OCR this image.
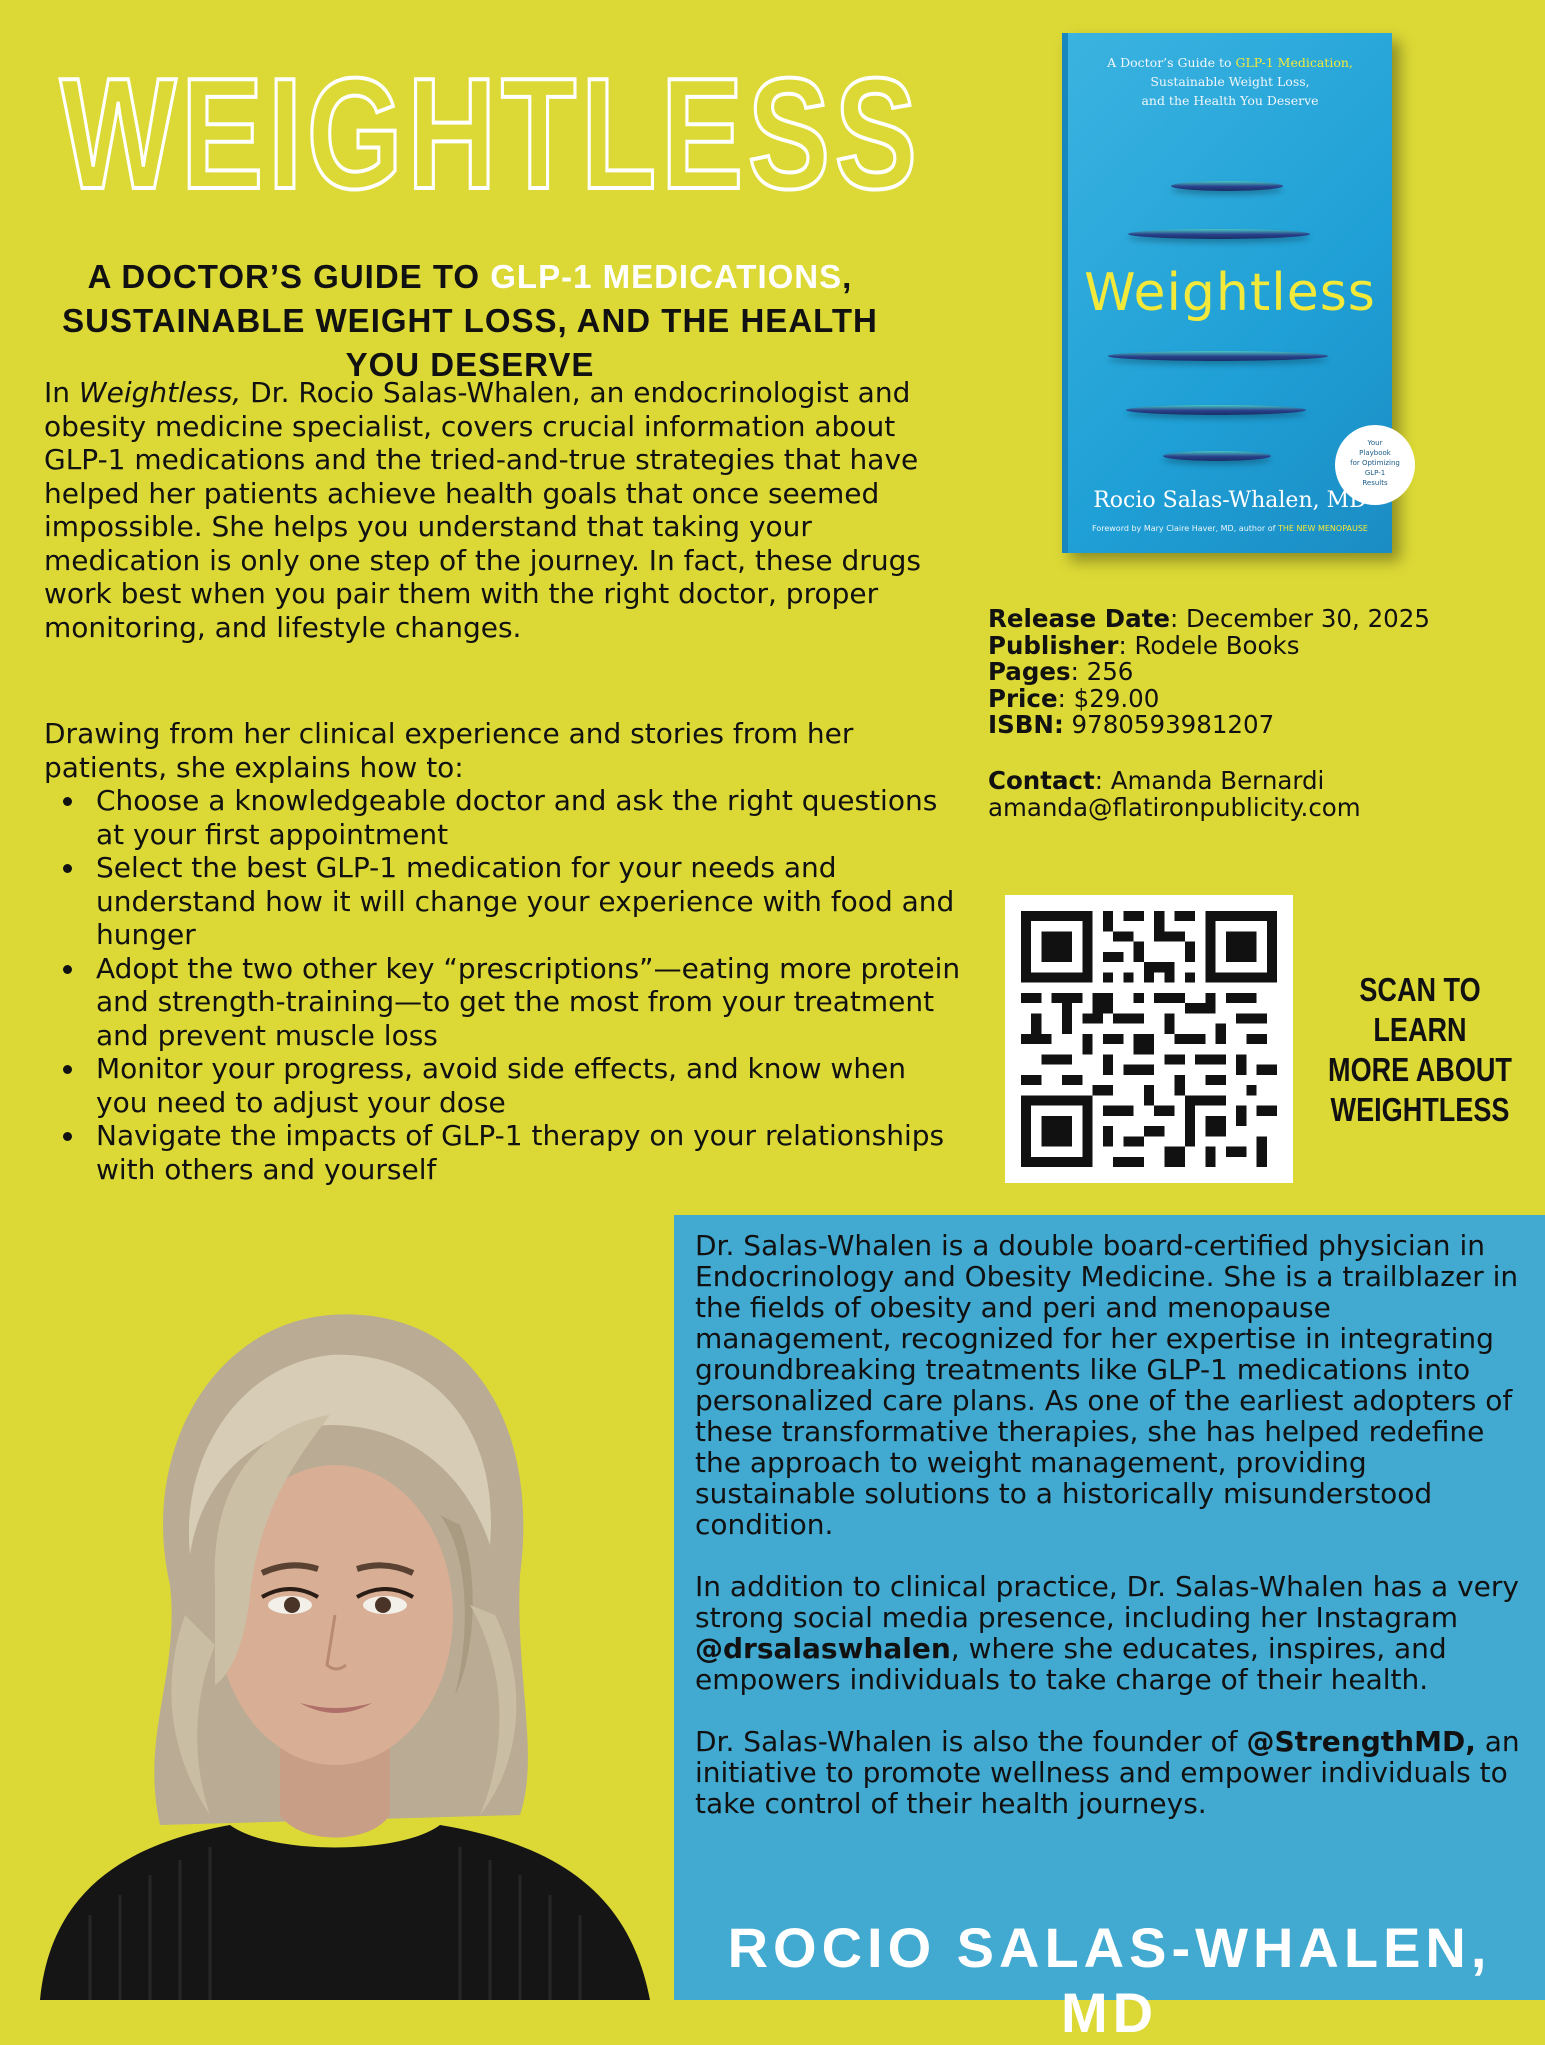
WEIGHTLESS
A DOCTOR’S GUIDE TO GLP-1 MEDICATIONS, SUSTAINABLE WEIGHT LOSS, AND THE HEALTH YOU DESERVE

In Weightless, Dr. Rocio Salas-Whalen, an endocrinologist and obesity medicine specialist, covers crucial information about GLP-1 medications and the tried-and-true strategies that have helped her patients achieve health goals that once seemed impossible. She helps you understand that taking your medication is only one step of the journey. In fact, these drugs work best when you pair them with the right doctor, proper monitoring, and lifestyle changes.

Drawing from her clinical experience and stories from her patients, she explains how to:

Choose a knowledgeable doctor and ask the right questions at your first appointment
Select the best GLP-1 medication for your needs and understand how it will change your experience with food and hunger
Adopt the two other key “prescriptions”—eating more protein and strength-training—to get the most from your treatment and prevent muscle loss
Monitor your progress, avoid side effects, and know when you need to adjust your dose
Navigate the impacts of GLP-1 therapy on your relationships with others and yourself
A Doctor’s Guide to GLP-1 Medication,
Sustainable Weight Loss,
and the Health You Deserve
Weightless
Your
Playbook
for Optimizing
GLP-1
Results
Rocio Salas-Whalen, MD
Foreword by Mary Claire Haver, MD, author of THE NEW MENOPAUSE
Release Date: December 30, 2025
Publisher: Rodele Books
Pages: 256
Price: $29.00
ISBN: 9780593981207
Contact: Amanda Bernardi
amanda@flatironpublicity.com
SCAN TO LEARN
MORE ABOUT
WEIGHTLESS

Dr. Salas-Whalen is a double board-certified physician in Endocrinology and Obesity Medicine. She is a trailblazer in the fields of obesity and peri and menopause management, recognized for her expertise in integrating groundbreaking treatments like GLP-1 medications into personalized care plans. As one of the earliest adopters of these transformative therapies, she has helped redefine the approach to weight management, providing sustainable solutions to a historically misunderstood condition.

In addition to clinical practice, Dr. Salas-Whalen has a very strong social media presence, including her Instagram @drsalaswhalen, where she educates, inspires, and empowers individuals to take charge of their health.

Dr. Salas-Whalen is also the founder of @StrengthMD, an initiative to promote wellness and empower individuals to take control of their health journeys.

ROCIO SALAS-WHALEN, MD
